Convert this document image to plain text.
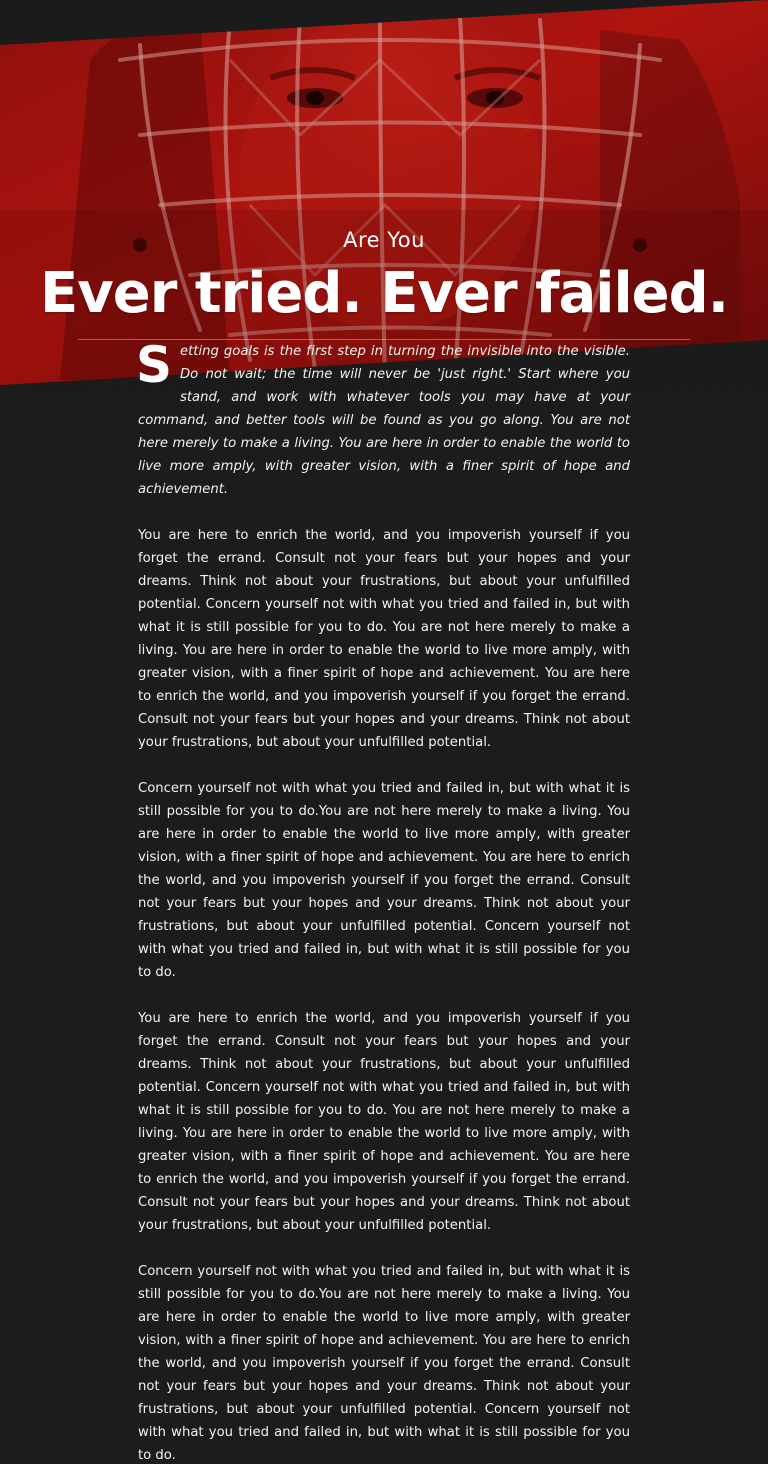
Are You
Ever tried. Ever failed.

Setting goals is the first step in turning the invisible into the visible. Do not wait; the time will never be 'just right.' Start where you stand, and work with whatever tools you may have at your command, and better tools will be found as you go along. You are not here merely to make a living. You are here in order to enable the world to live more amply, with greater vision, with a finer spirit of hope and achievement.

You are here to enrich the world, and you impoverish yourself if you forget the errand. Consult not your fears but your hopes and your dreams. Think not about your frustrations, but about your unfulfilled potential. Concern yourself not with what you tried and failed in, but with what it is still possible for you to do. You are not here merely to make a living. You are here in order to enable the world to live more amply, with greater vision, with a finer spirit of hope and achievement. You are here to enrich the world, and you impoverish yourself if you forget the errand. Consult not your fears but your hopes and your dreams. Think not about your frustrations, but about your unfulfilled potential.

Concern yourself not with what you tried and failed in, but with what it is still possible for you to do.You are not here merely to make a living. You are here in order to enable the world to live more amply, with greater vision, with a finer spirit of hope and achievement. You are here to enrich the world, and you impoverish yourself if you forget the errand. Consult not your fears but your hopes and your dreams. Think not about your frustrations, but about your unfulfilled potential. Concern yourself not with what you tried and failed in, but with what it is still possible for you to do.

You are here to enrich the world, and you impoverish yourself if you forget the errand. Consult not your fears but your hopes and your dreams. Think not about your frustrations, but about your unfulfilled potential. Concern yourself not with what you tried and failed in, but with what it is still possible for you to do. You are not here merely to make a living. You are here in order to enable the world to live more amply, with greater vision, with a finer spirit of hope and achievement. You are here to enrich the world, and you impoverish yourself if you forget the errand. Consult not your fears but your hopes and your dreams. Think not about your frustrations, but about your unfulfilled potential.

Concern yourself not with what you tried and failed in, but with what it is still possible for you to do.You are not here merely to make a living. You are here in order to enable the world to live more amply, with greater vision, with a finer spirit of hope and achievement. You are here to enrich the world, and you impoverish yourself if you forget the errand. Consult not your fears but your hopes and your dreams. Think not about your frustrations, but about your unfulfilled potential. Concern yourself not with what you tried and failed in, but with what it is still possible for you to do.
